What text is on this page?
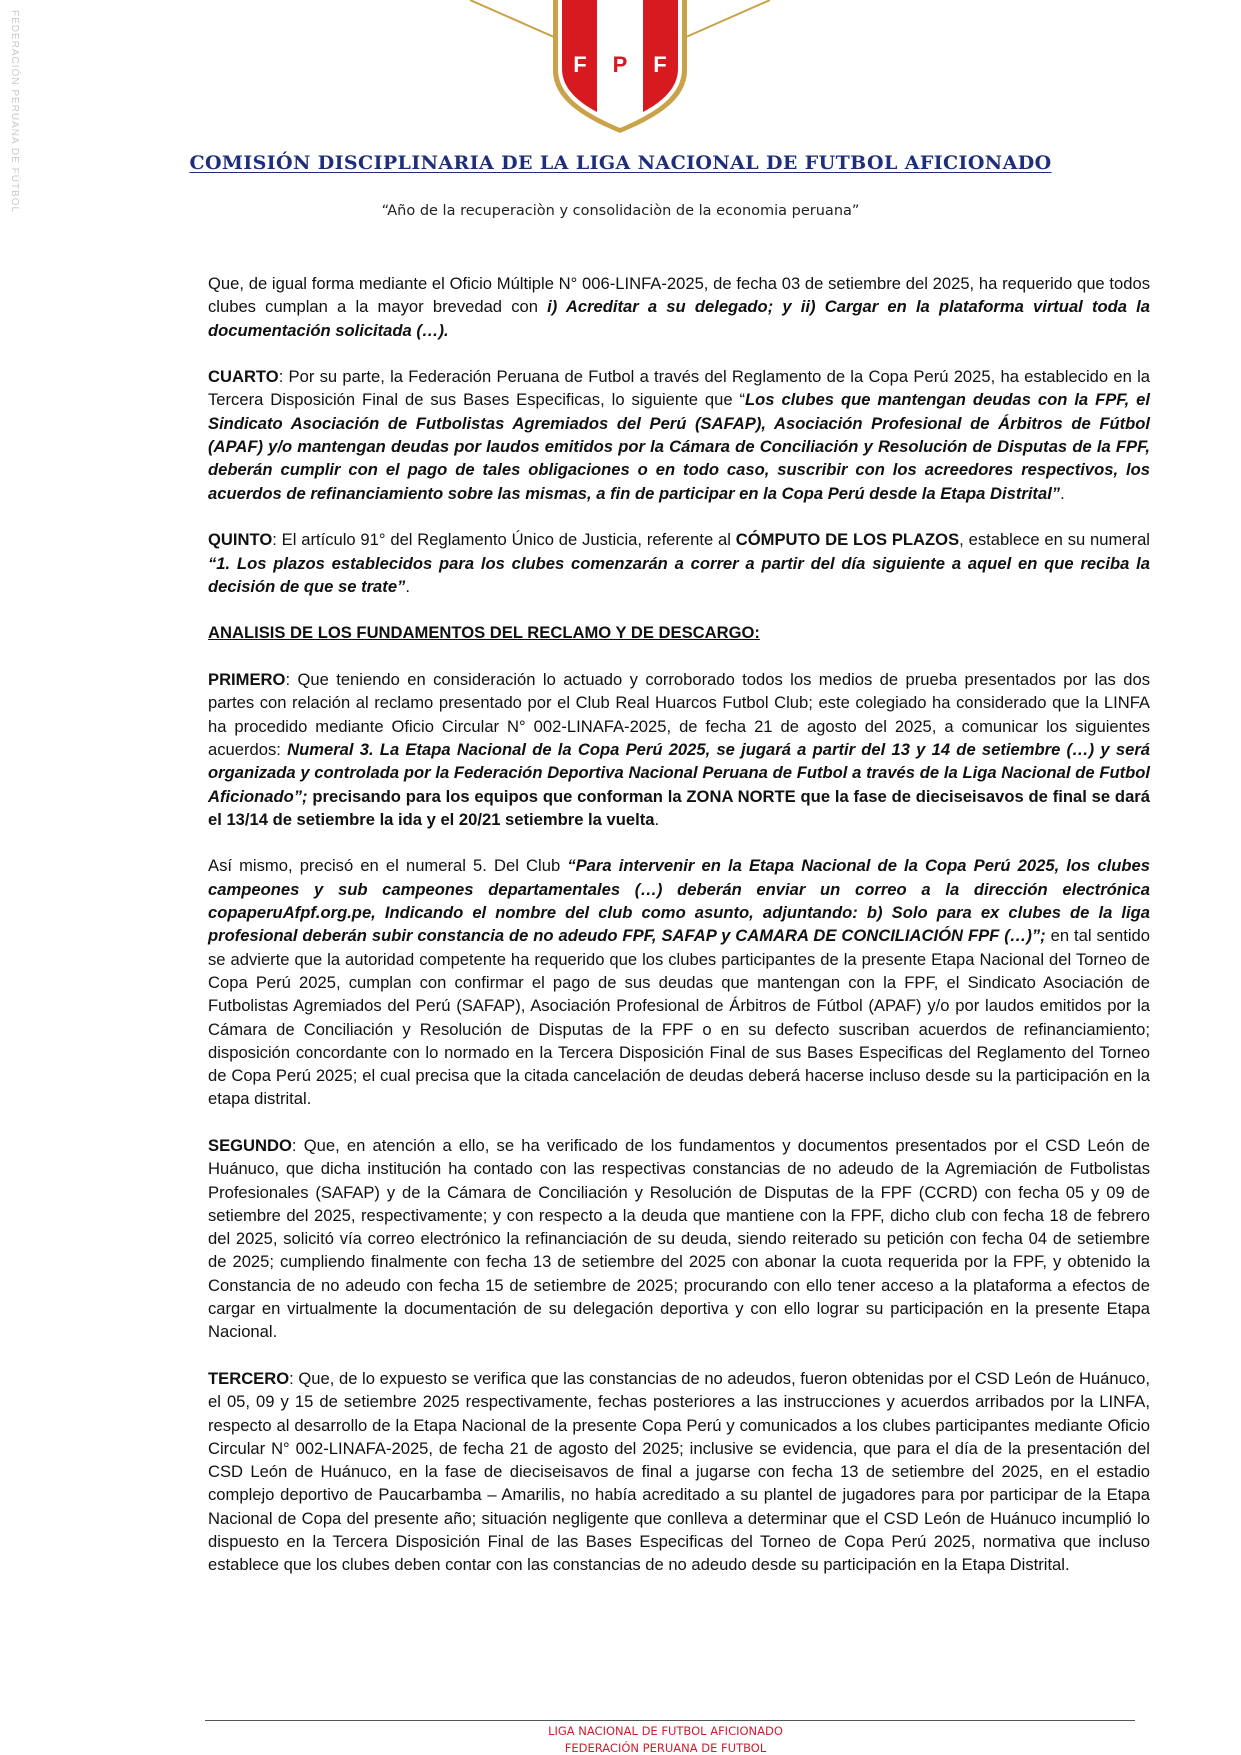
FEDERACIÓN PERUANA DE FÚTBOL	F P F
COMISIÓN DISCIPLINARIA DE LA LIGA NACIONAL DE FUTBOL AFICIONADO
“Año de la recuperaciòn y consolidaciòn de la economia peruana”

Que, de igual forma mediante el Oficio Múltiple N° 006-LINFA-2025, de fecha 03 de setiembre del 2025, ha requerido que todos clubes cumplan a la mayor brevedad con i) Acreditar a su delegado; y ii) Cargar en la plataforma virtual toda la documentación solicitada (…).

CUARTO: Por su parte, la Federación Peruana de Futbol a través del Reglamento de la Copa Perú 2025, ha establecido en la Tercera Disposición Final de sus Bases Especificas, lo siguiente que “Los clubes que mantengan deudas con la FPF, el Sindicato Asociación de Futbolistas Agremiados del Perú (SAFAP), Asociación Profesional de Árbitros de Fútbol (APAF) y/o mantengan deudas por laudos emitidos por la Cámara de Conciliación y Resolución de Disputas de la FPF, deberán cumplir con el pago de tales obligaciones o en todo caso, suscribir con los acreedores respectivos, los acuerdos de refinanciamiento sobre las mismas, a fin de participar en la Copa Perú desde la Etapa Distrital”.

QUINTO: El artículo 91° del Reglamento Único de Justicia, referente al CÓMPUTO DE LOS PLAZOS, establece en su numeral “1. Los plazos establecidos para los clubes comenzarán a correr a partir del día siguiente a aquel en que reciba la decisión de que se trate”.

ANALISIS DE LOS FUNDAMENTOS DEL RECLAMO Y DE DESCARGO:

PRIMERO: Que teniendo en consideración lo actuado y corroborado todos los medios de prueba presentados por las dos partes con relación al reclamo presentado por el Club Real Huarcos Futbol Club; este colegiado ha considerado que la LINFA ha procedido mediante Oficio Circular N° 002-LINAFA-2025, de fecha 21 de agosto del 2025, a comunicar los siguientes acuerdos: Numeral 3. La Etapa Nacional de la Copa Perú 2025, se jugará a partir del 13 y 14 de setiembre (…) y será organizada y controlada por la Federación Deportiva Nacional Peruana de Futbol a través de la Liga Nacional de Futbol Aficionado”; precisando para los equipos que conforman la ZONA NORTE que la fase de dieciseisavos de final se dará el 13/14 de setiembre la ida y el 20/21 setiembre la vuelta.

Así mismo, precisó en el numeral 5. Del Club “Para intervenir en la Etapa Nacional de la Copa Perú 2025, los clubes campeones y sub campeones departamentales (…) deberán enviar un correo a la dirección electrónica copaperuAfpf.org.pe, Indicando el nombre del club como asunto, adjuntando: b) Solo para ex clubes de la liga profesional deberán subir constancia de no adeudo FPF, SAFAP y CAMARA DE CONCILIACIÓN FPF (…)”; en tal sentido se advierte que la autoridad competente ha requerido que los clubes participantes de la presente Etapa Nacional del Torneo de Copa Perú 2025, cumplan con confirmar el pago de sus deudas que mantengan con la FPF, el Sindicato Asociación de Futbolistas Agremiados del Perú (SAFAP), Asociación Profesional de Árbitros de Fútbol (APAF) y/o por laudos emitidos por la Cámara de Conciliación y Resolución de Disputas de la FPF o en su defecto suscriban acuerdos de refinanciamiento; disposición concordante con lo normado en la Tercera Disposición Final de sus Bases Especificas del Reglamento del Torneo de Copa Perú 2025; el cual precisa que la citada cancelación de deudas deberá hacerse incluso desde su la participación en la etapa distrital.

SEGUNDO: Que, en atención a ello, se ha verificado de los fundamentos y documentos presentados por el CSD León de Huánuco, que dicha institución ha contado con las respectivas constancias de no adeudo de la Agremiación de Futbolistas Profesionales (SAFAP) y de la Cámara de Conciliación y Resolución de Disputas de la FPF (CCRD) con fecha 05 y 09 de setiembre del 2025, respectivamente; y con respecto a la deuda que mantiene con la FPF, dicho club con fecha 18 de febrero del 2025, solicitó vía correo electrónico la refinanciación de su deuda, siendo reiterado su petición con fecha 04 de setiembre de 2025; cumpliendo finalmente con fecha 13 de setiembre del 2025 con abonar la cuota requerida por la FPF, y obtenido la Constancia de no adeudo con fecha 15 de setiembre de 2025; procurando con ello tener acceso a la plataforma a efectos de cargar en virtualmente la documentación de su delegación deportiva y con ello lograr su participación en la presente Etapa Nacional.

TERCERO: Que, de lo expuesto se verifica que las constancias de no adeudos, fueron obtenidas por el CSD León de Huánuco, el 05, 09 y 15 de setiembre 2025 respectivamente, fechas posteriores a las instrucciones y acuerdos arribados por la LINFA, respecto al desarrollo de la Etapa Nacional de la presente Copa Perú y comunicados a los clubes participantes mediante Oficio Circular N° 002-LINAFA-2025, de fecha 21 de agosto del 2025; inclusive se evidencia, que para el día de la presentación del CSD León de Huánuco, en la fase de dieciseisavos de final a jugarse con fecha 13 de setiembre del 2025, en el estadio complejo deportivo de Paucarbamba – Amarilis, no había acreditado a su plantel de jugadores para por participar de la Etapa Nacional de Copa del presente año; situación negligente que conlleva a determinar que el CSD León de Huánuco incumplió lo dispuesto en la Tercera Disposición Final de las Bases Especificas del Torneo de Copa Perú 2025, normativa que incluso establece que los clubes deben contar con las constancias de no adeudo desde su participación en la Etapa Distrital.

LIGA NACIONAL DE FUTBOL AFICIONADO
FEDERACIÓN PERUANA DE FUTBOL
